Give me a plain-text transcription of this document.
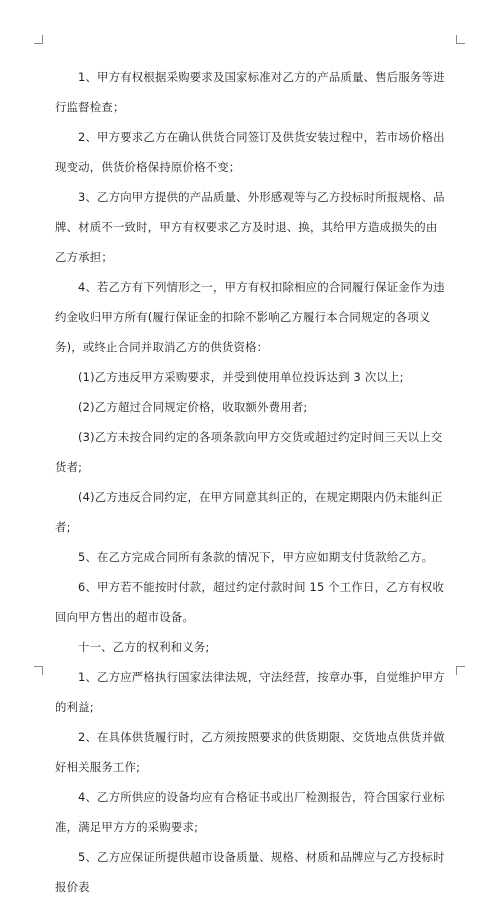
1、甲方有权根据采购要求及国家标准对乙方的产品质量、售后服务等进行监督检查；

2、甲方要求乙方在确认供货合同签订及供货安装过程中，若市场价格出现变动，供货价格保持原价格不变；

3、乙方向甲方提供的产品质量、外形感观等与乙方投标时所报规格、品牌、材质不一致时，甲方有权要求乙方及时退、换，其给甲方造成损失的由乙方承担；

4、若乙方有下列情形之一，甲方有权扣除相应的合同履行保证金作为违约金收归甲方所有(履行保证金的扣除不影响乙方履行本合同规定的各项义务)，或终止合同并取消乙方的供货资格：

(1)乙方违反甲方采购要求，并受到使用单位投诉达到 3 次以上;

(2)乙方超过合同规定价格，收取额外费用者;

(3)乙方未按合同约定的各项条款向甲方交货或超过约定时间三天以上交货者;

(4)乙方违反合同约定，在甲方同意其纠正的，在规定期限内仍未能纠正者;

5、在乙方完成合同所有条款的情况下，甲方应如期支付货款给乙方。

6、甲方若不能按时付款，超过约定付款时间 15 个工作日，乙方有权收回向甲方售出的超市设备。

十一、乙方的权利和义务;

1、乙方应严格执行国家法律法规，守法经营，按章办事，自觉维护甲方的利益;

2、在具体供货履行时，乙方须按照要求的供货期限、交货地点供货并做好相关服务工作;

4、乙方所供应的设备均应有合格证书或出厂检测报告，符合国家行业标准，满足甲方方的采购要求;

5、乙方应保证所提供超市设备质量、规格、材质和品牌应与乙方投标时报价表
